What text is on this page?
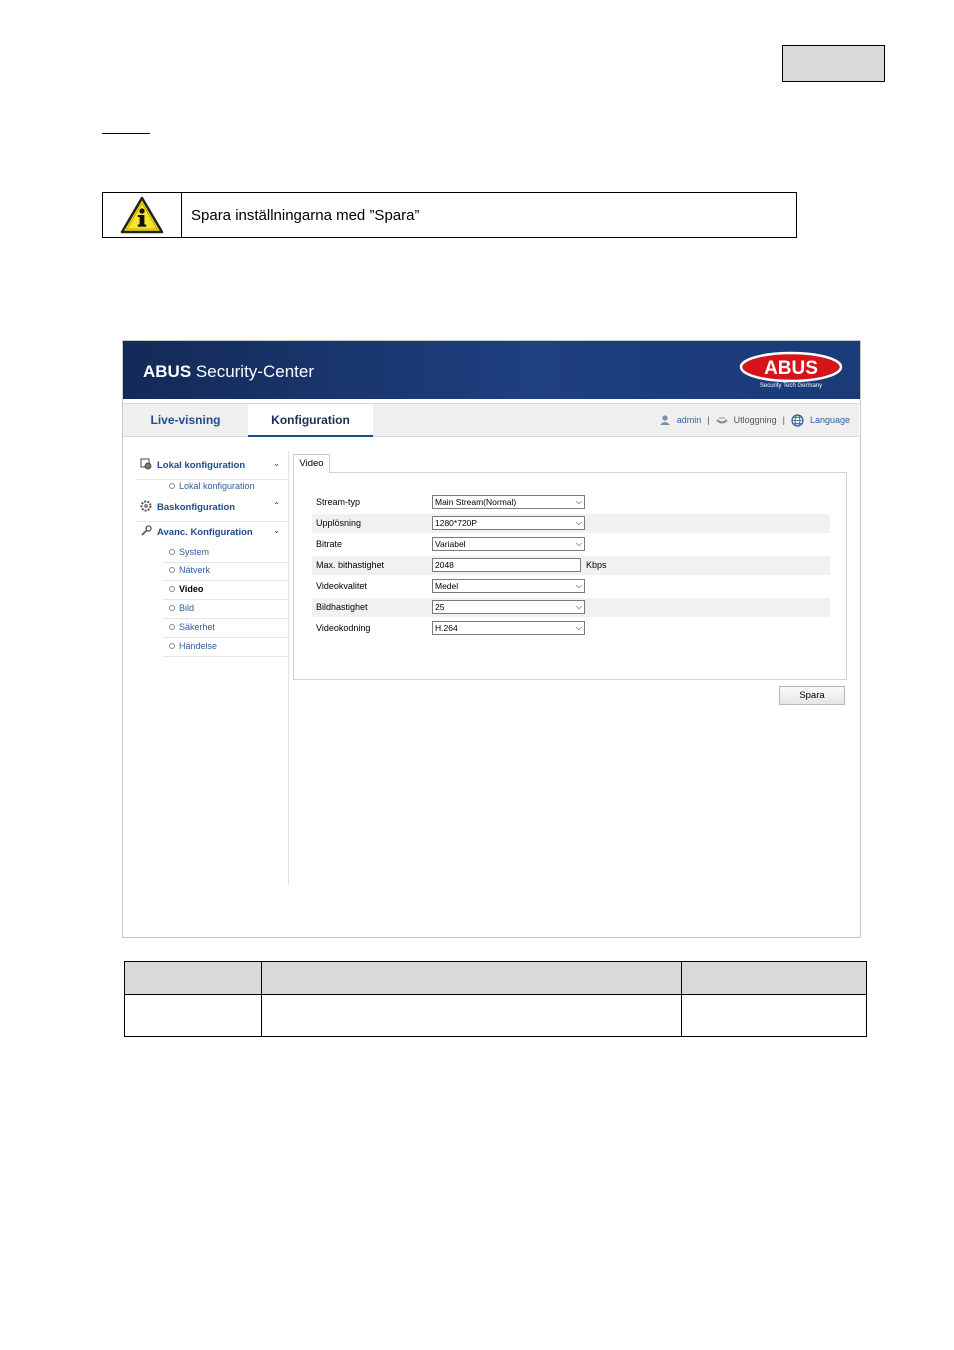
Spara inställningarna med ”Spara”
ABUS Security-Center	ABUS
Security Tech Germany
Live-visning	Konfiguration	admin |	Utloggning |	Language
Lokal konfiguration	⌄
Lokal konfiguration
Baskonfiguration	⌃
Avanc. Konfiguration	⌄
System
Nätverk
Video
Bild
Säkerhet
Händelse
Video
Stream-typ	Main Stream(Normal)	⌵
Upplösning	1280*720P	⌵
Bitrate	Variabel	⌵
Max. bithastighet	2048	Kbps
Videokvalitet	Medel	⌵
Bildhastighet	25	⌵
Videokodning	H.264	⌵
Spara
